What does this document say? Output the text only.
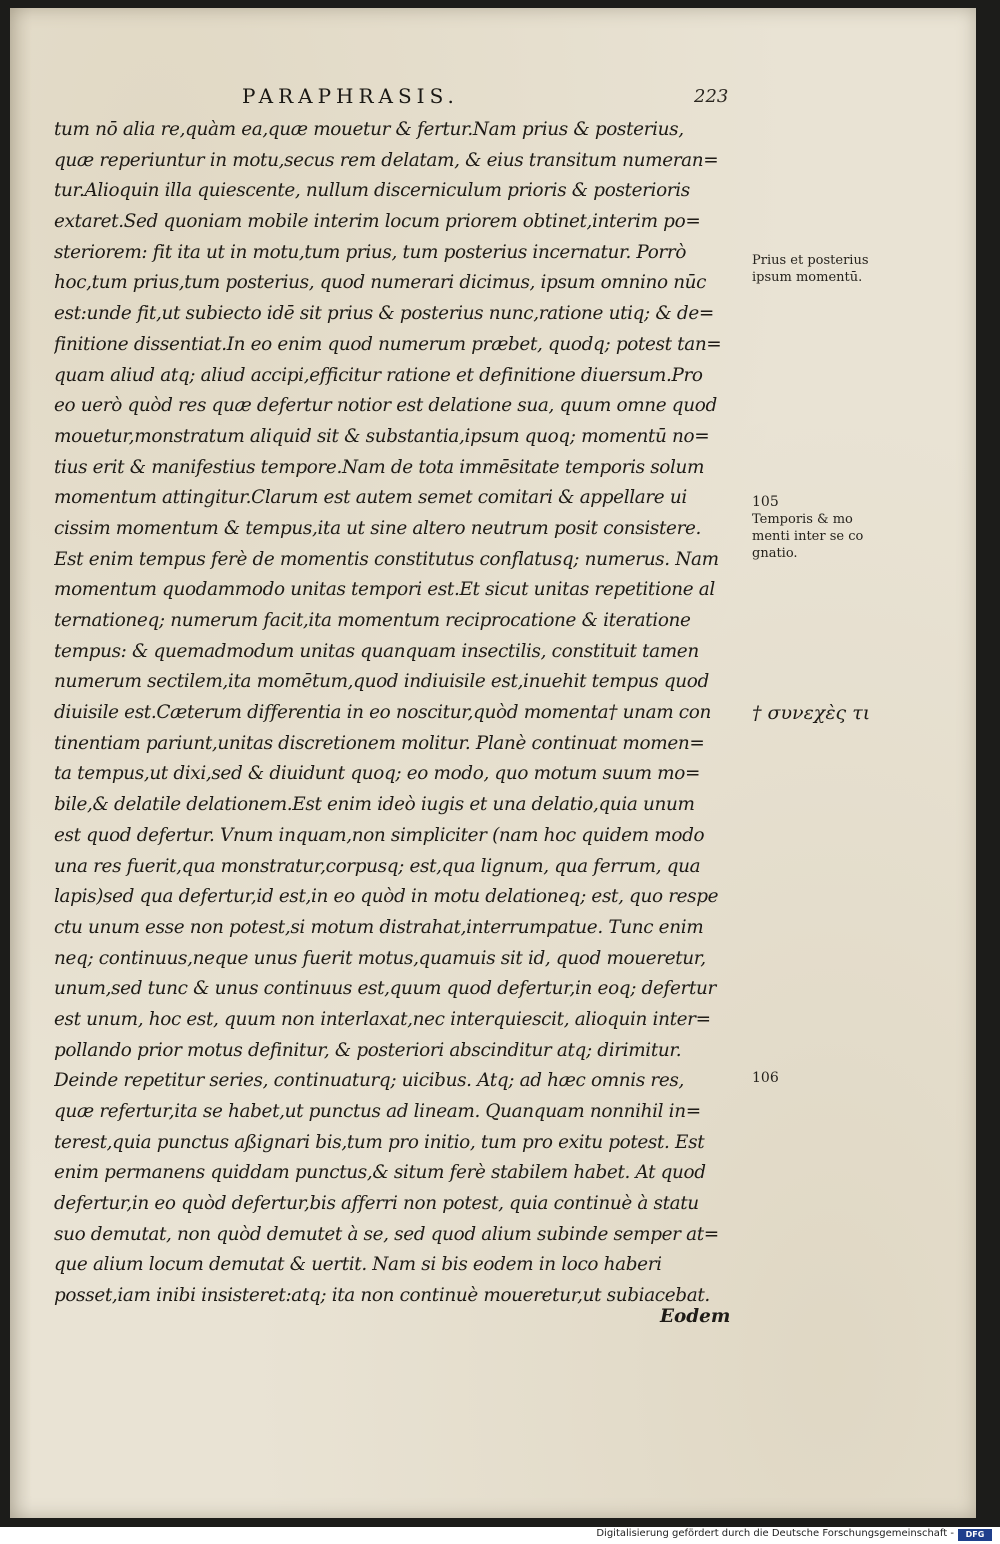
PARAPHRASIS.	223
tum nō alia re,quàm ea,quæ mouetur & fertur.Nam prius & posterius,
quæ reperiuntur in motu,secus rem delatam, & eius transitum numeran=
tur.Alioquin illa quiescente, nullum discerniculum prioris & posterioris
extaret.Sed quoniam mobile interim locum priorem obtinet,interim po=
steriorem: fit ita ut in motu,tum prius, tum posterius incernatur. Porrò
hoc,tum prius,tum posterius, quod numerari dicimus, ipsum omnino nūc
est:unde fit,ut subiecto idē sit prius & posterius nunc,ratione utiq; & de=
finitione dissentiat.In eo enim quod numerum præbet, quodq; potest tan=
quam aliud atq; aliud accipi,efficitur ratione et definitione diuersum.Pro
eo uerò quòd res quæ defertur notior est delatione sua, quum omne quod
mouetur,monstratum aliquid sit & substantia,ipsum quoq; momentū no=
tius erit & manifestius tempore.Nam de tota immēsitate temporis solum
momentum attingitur.Clarum est autem semet comitari & appellare ui
cissim momentum & tempus,ita ut sine altero neutrum posit consistere.
Est enim tempus ferè de momentis constitutus conflatusq; numerus. Nam
momentum quodammodo unitas tempori est.Et sicut unitas repetitione al
ternationeq; numerum facit,ita momentum reciprocatione & iteratione
tempus: & quemadmodum unitas quanquam insectilis, constituit tamen
numerum sectilem,ita momētum,quod indiuisile est,inuehit tempus quod
diuisile est.Cæterum differentia in eo noscitur,quòd momenta† unam con
tinentiam pariunt,unitas discretionem molitur. Planè continuat momen=
ta tempus,ut dixi,sed & diuidunt quoq; eo modo, quo motum suum mo=
bile,& delatile delationem.Est enim ideò iugis et una delatio,quia unum
est quod defertur. Vnum inquam,non simpliciter (nam hoc quidem modo
una res fuerit,qua monstratur,corpusq; est,qua lignum, qua ferrum, qua
lapis)sed qua defertur,id est,in eo quòd in motu delationeq; est, quo respe
ctu unum esse non potest,si motum distrahat,interrumpatue. Tunc enim
neq; continuus,neque unus fuerit motus,quamuis sit id, quod moueretur,
unum,sed tunc & unus continuus est,quum quod defertur,in eoq; defertur
est unum, hoc est, quum non interlaxat,nec interquiescit, alioquin inter=
pollando prior motus definitur, & posteriori abscinditur atq; dirimitur.
Deinde repetitur series, continuaturq; uicibus. Atq; ad hæc omnis res,
quæ refertur,ita se habet,ut punctus ad lineam. Quanquam nonnihil in=
terest,quia punctus aßignari bis,tum pro initio, tum pro exitu potest. Est
enim permanens quiddam punctus,& situm ferè stabilem habet. At quod
defertur,in eo quòd defertur,bis afferri non potest, quia continuè à statu
suo demutat, non quòd demutet à se, sed quod alium subinde semper at=
que alium locum demutat & uertit. Nam si bis eodem in loco haberi
posset,iam inibi insisteret:atq; ita non continuè moueretur,ut subiacebat.
Eodem
Prius et posterius
ipsum momentū.
105
Temporis & mo
menti inter se co
gnatio.
† συνεχὲς τι
106
Digitalisierung gefördert durch die Deutsche Forschungsgemeinschaft -	DFG
